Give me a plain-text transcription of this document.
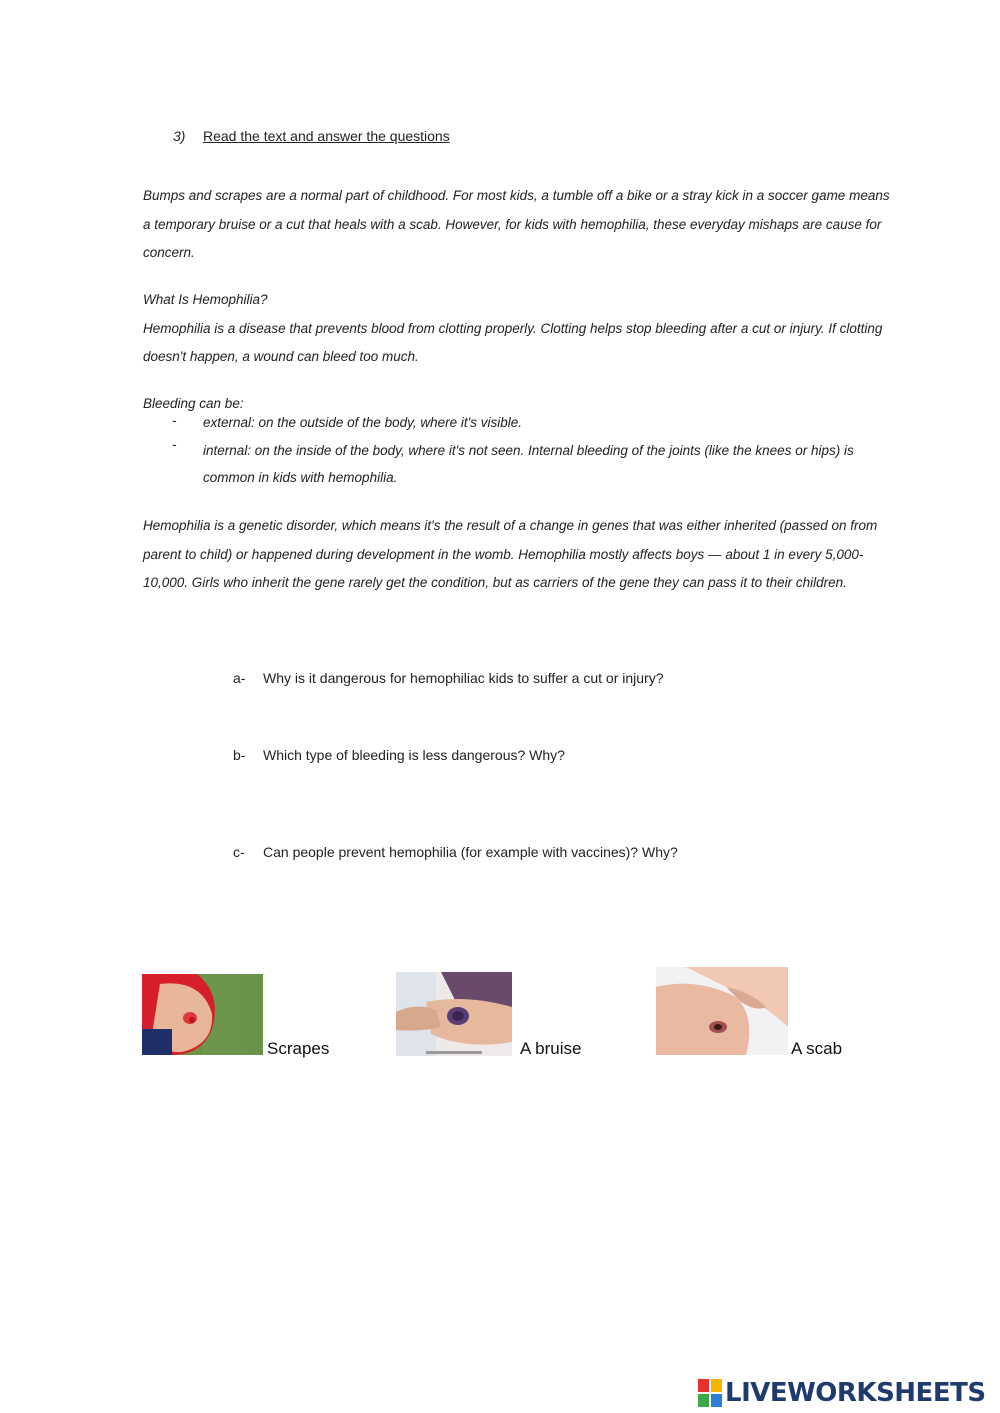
3)	Read the text and answer the questions
Bumps and scrapes are a normal part of childhood. For most kids, a tumble off a bike or a stray kick in a soccer game means a temporary bruise or a cut that heals with a scab. However, for kids with hemophilia, these everyday mishaps are cause for concern.
What Is Hemophilia?
Hemophilia is a disease that prevents blood from clotting properly. Clotting helps stop bleeding after a cut or injury. If clotting doesn't happen, a wound can bleed too much.
Bleeding can be:
-	external: on the outside of the body, where it's visible.
-	internal: on the inside of the body, where it's not seen. Internal bleeding of the joints (like the knees or hips) is common in kids with hemophilia.
Hemophilia is a genetic disorder, which means it's the result of a change in genes that was either inherited (passed on from parent to child) or happened during development in the womb. Hemophilia mostly affects boys — about 1 in every 5,000-10,000. Girls who inherit the gene rarely get the condition, but as carriers of the gene they can pass it to their children.
a-	Why is it dangerous for hemophiliac kids to suffer a cut or injury?
b-	Which type of bleeding is less dangerous? Why?
c-	Can people prevent hemophilia (for example with vaccines)? Why?
Scrapes	A bruise	A scab
LIVEWORKSHEETS
